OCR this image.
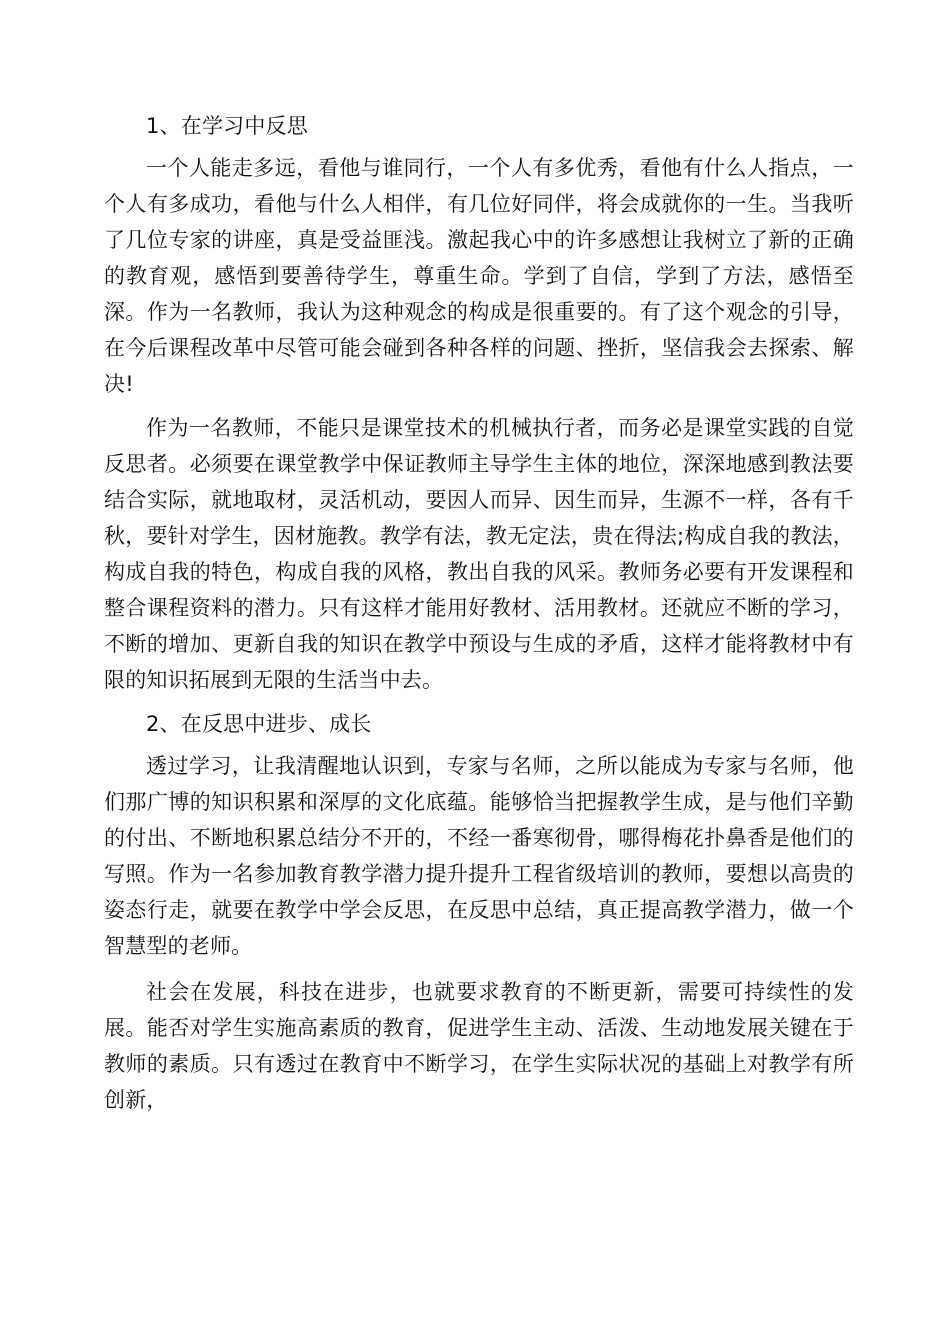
1、在学习中反思

一个人能走多远，看他与谁同行，一个人有多优秀，看他有什么人指点，一个人有多成功，看他与什么人相伴，有几位好同伴，将会成就你的一生。当我听了几位专家的讲座，真是受益匪浅。激起我心中的许多感想让我树立了新的正确的教育观，感悟到要善待学生，尊重生命。学到了自信，学到了方法，感悟至深。作为一名教师，我认为这种观念的构成是很重要的。有了这个观念的引导，在今后课程改革中尽管可能会碰到各种各样的问题、挫折，坚信我会去探索、解决!

作为一名教师，不能只是课堂技术的机械执行者，而务必是课堂实践的自觉反思者。必须要在课堂教学中保证教师主导学生主体的地位，深深地感到教法要结合实际，就地取材，灵活机动，要因人而异、因生而异，生源不一样，各有千秋，要针对学生，因材施教。教学有法，教无定法，贵在得法;构成自我的教法，构成自我的特色，构成自我的风格，教出自我的风采。教师务必要有开发课程和整合课程资料的潜力。只有这样才能用好教材、活用教材。还就应不断的学习，不断的增加、更新自我的知识在教学中预设与生成的矛盾，这样才能将教材中有限的知识拓展到无限的生活当中去。

2、在反思中进步、成长

透过学习，让我清醒地认识到，专家与名师，之所以能成为专家与名师，他们那广博的知识积累和深厚的文化底蕴。能够恰当把握教学生成，是与他们辛勤的付出、不断地积累总结分不开的，不经一番寒彻骨，哪得梅花扑鼻香是他们的写照。作为一名参加教育教学潜力提升提升工程省级培训的教师，要想以高贵的姿态行走，就要在教学中学会反思，在反思中总结，真正提高教学潜力，做一个智慧型的老师。

社会在发展，科技在进步，也就要求教育的不断更新，需要可持续性的发展。能否对学生实施高素质的教育，促进学生主动、活泼、生动地发展关键在于教师的素质。只有透过在教育中不断学习，在学生实际状况的基础上对教学有所创新，
